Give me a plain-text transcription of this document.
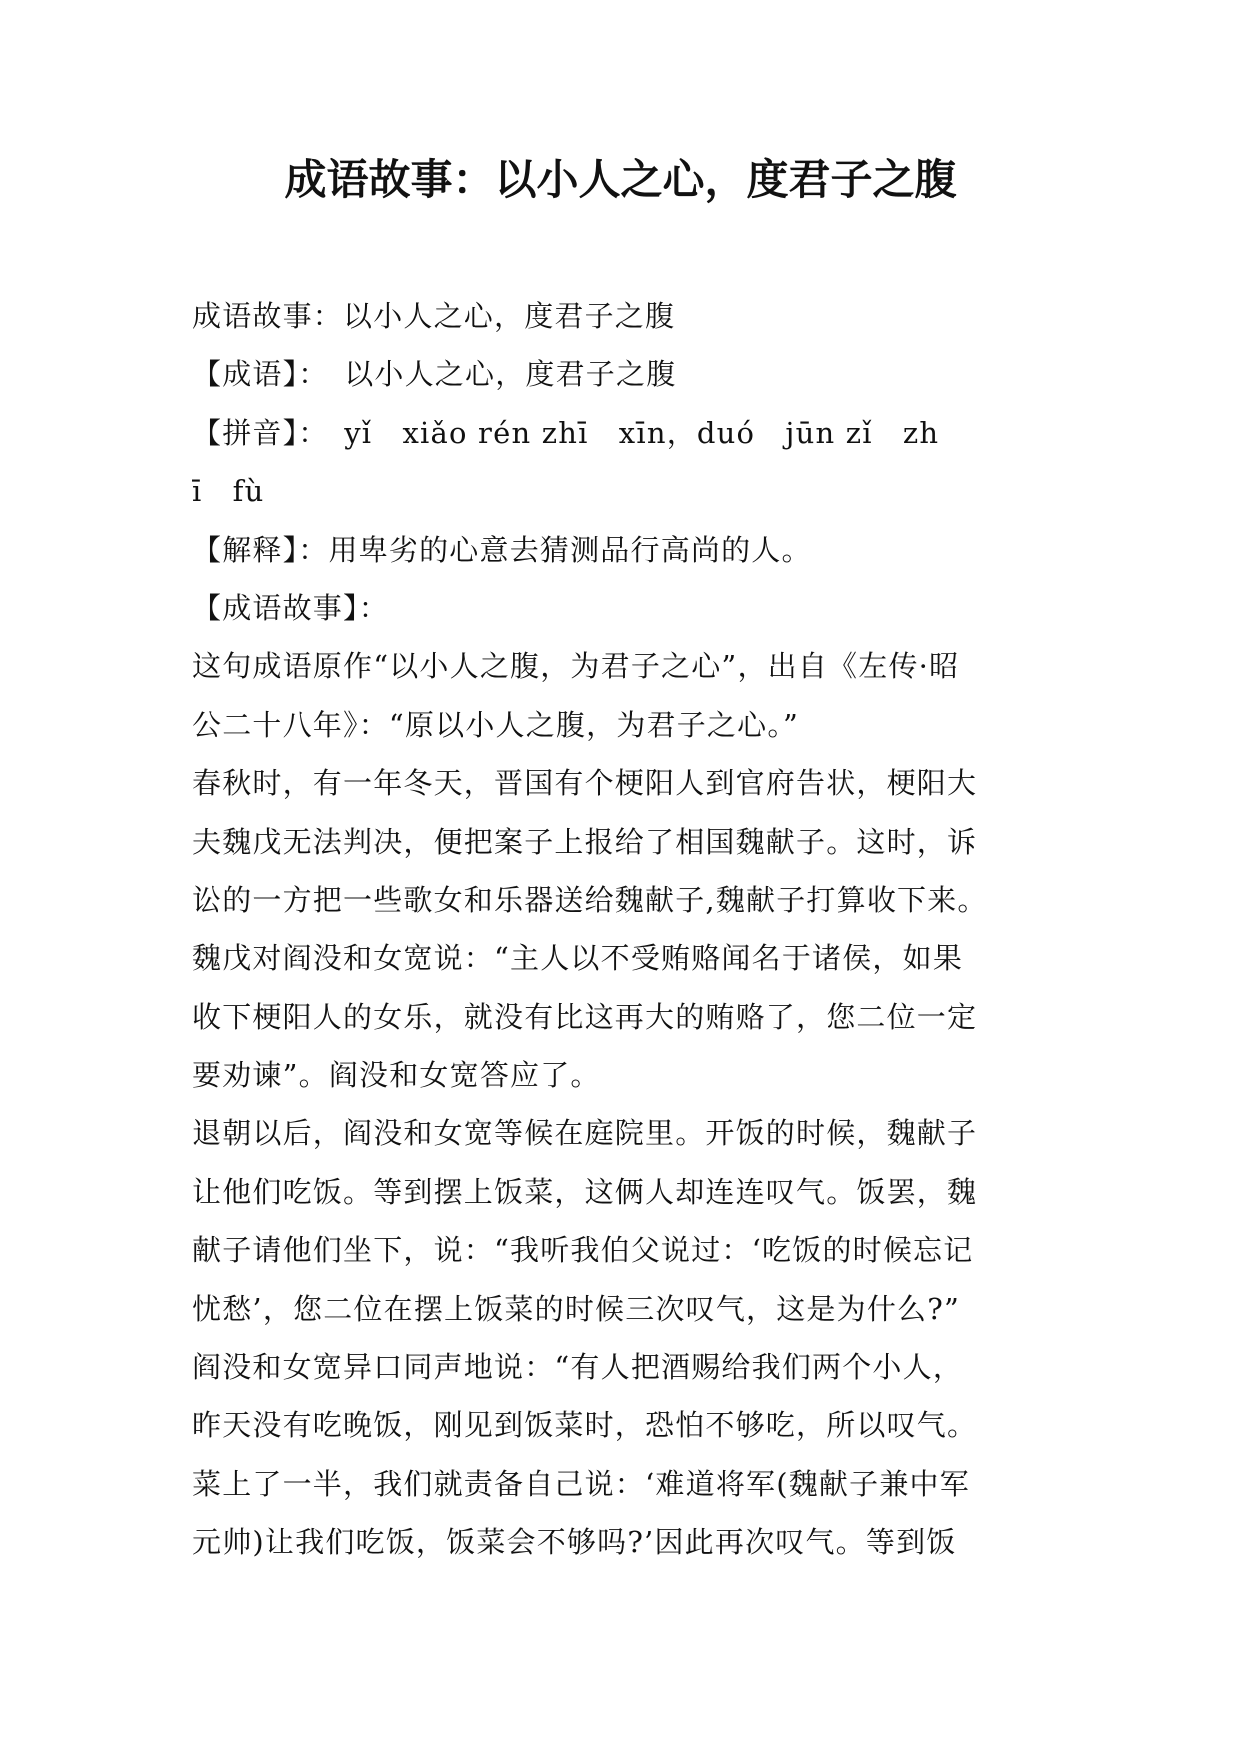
成语故事：以小人之心，度君子之腹
成语故事：以小人之心，度君子之腹
【成语】：　以小人之心，度君子之腹
【拼音】：　yǐ　xiǎo rén zhī　xīn，duó　jūn zǐ　zh
ī　fù
【解释】：用卑劣的心意去猜测品行高尚的人。
【成语故事】：
这句成语原作“以小人之腹，为君子之心”，出自《左传·昭
公二十八年》：“原以小人之腹，为君子之心。”
春秋时，有一年冬天，晋国有个梗阳人到官府告状，梗阳大
夫魏戊无法判决，便把案子上报给了相国魏献子。这时，诉
讼的一方把一些歌女和乐器送给魏献子,魏献子打算收下来。
魏戊对阎没和女宽说：“主人以不受贿赂闻名于诸侯，如果
收下梗阳人的女乐，就没有比这再大的贿赂了，您二位一定
要劝谏”。阎没和女宽答应了。
退朝以后，阎没和女宽等候在庭院里。开饭的时候，魏献子
让他们吃饭。等到摆上饭菜，这俩人却连连叹气。饭罢，魏
献子请他们坐下，说：“我听我伯父说过：‘吃饭的时候忘记
忧愁’，您二位在摆上饭菜的时候三次叹气，这是为什么?”
阎没和女宽异口同声地说：“有人把酒赐给我们两个小人，
昨天没有吃晚饭，刚见到饭菜时，恐怕不够吃，所以叹气。
菜上了一半，我们就责备自己说：‘难道将军(魏献子兼中军
元帅)让我们吃饭，饭菜会不够吗?’因此再次叹气。等到饭
